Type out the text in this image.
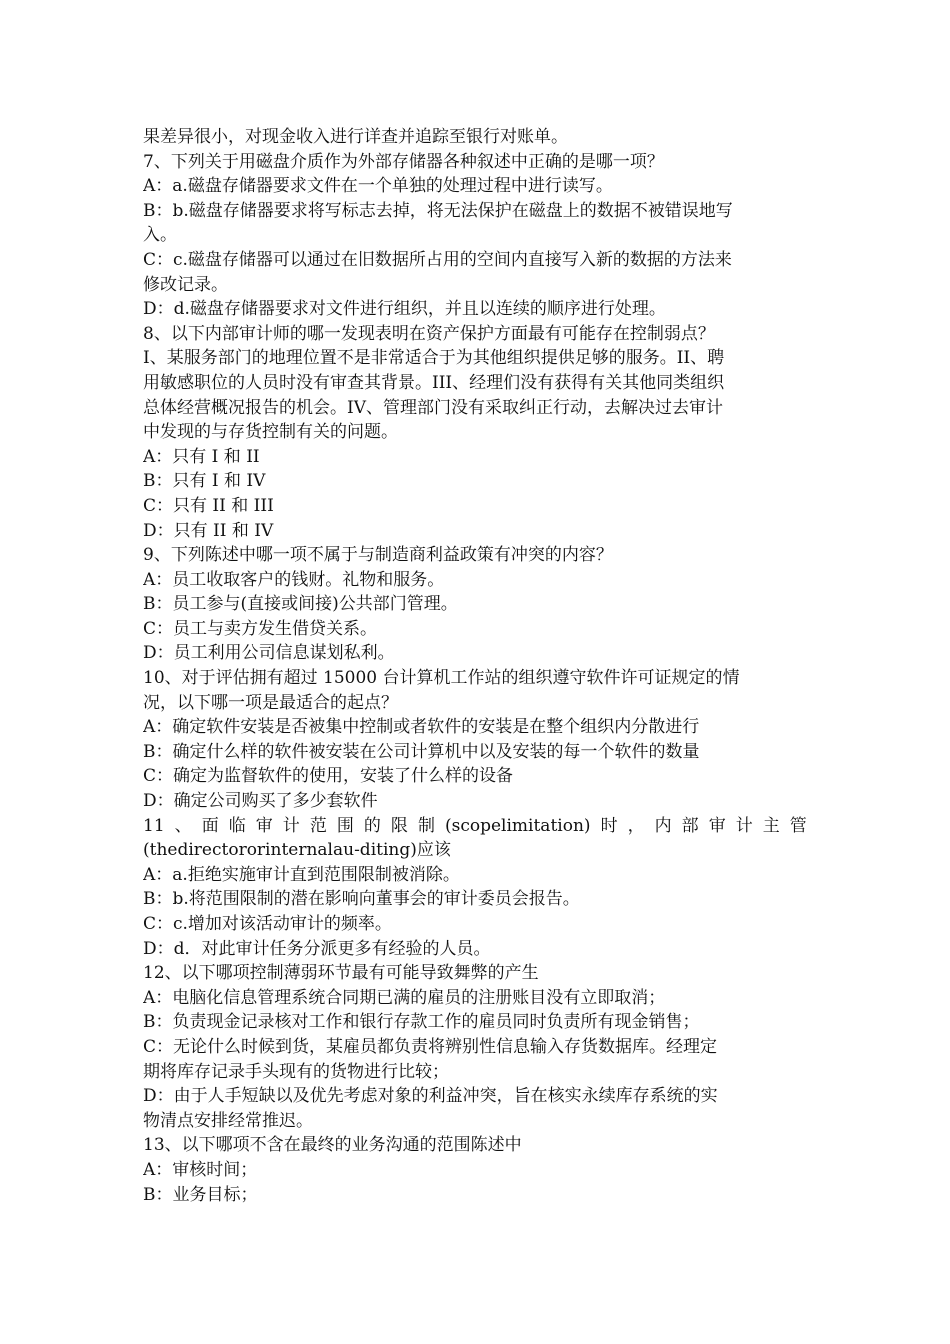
果差异很小，对现金收入进行详查并追踪至银行对账单。

7、下列关于用磁盘介质作为外部存储器各种叙述中正确的是哪一项？

A：a.磁盘存储器要求文件在一个单独的处理过程中进行读写。

B：b.磁盘存储器要求将写标志去掉，将无法保护在磁盘上的数据不被错误地写

入。

C：c.磁盘存储器可以通过在旧数据所占用的空间内直接写入新的数据的方法来

修改记录。

D：d.磁盘存储器要求对文件进行组织，并且以连续的顺序进行处理。

8、以下内部审计师的哪一发现表明在资产保护方面最有可能存在控制弱点？

I、某服务部门的地理位置不是非常适合于为其他组织提供足够的服务。II、聘

用敏感职位的人员时没有审查其背景。III、经理们没有获得有关其他同类组织

总体经营概况报告的机会。IV、管理部门没有采取纠正行动，去解决过去审计

中发现的与存货控制有关的问题。

A：只有 I 和 II

B：只有 I 和 IV

C：只有 II 和 III

D：只有 II 和 IV

9、下列陈述中哪一项不属于与制造商利益政策有冲突的内容？

A：员工收取客户的钱财。礼物和服务。

B：员工参与(直接或间接)公共部门管理。

C：员工与卖方发生借贷关系。

D：员工利用公司信息谋划私利。

10、对于评估拥有超过 15000 台计算机工作站的组织遵守软件许可证规定的情

况，以下哪一项是最适合的起点？

A：确定软件安装是否被集中控制或者软件的安装是在整个组织内分散进行

B：确定什么样的软件被安装在公司计算机中以及安装的每一个软件的数量

C：确定为监督软件的使用，安装了什么样的设备

D：确定公司购买了多少套软件

11 、 面 临 审 计 范 围 的 限 制 (scopelimitation) 时 ， 内 部 审 计 主 管

(thedirectororinternalau-diting)应该

A：a.拒绝实施审计直到范围限制被消除。

B：b.将范围限制的潜在影响向董事会的审计委员会报告。

C：c.增加对该活动审计的频率。

D：d．对此审计任务分派更多有经验的人员。

12、以下哪项控制薄弱环节最有可能导致舞弊的产生

A：电脑化信息管理系统合同期已满的雇员的注册账目没有立即取消；

B：负责现金记录核对工作和银行存款工作的雇员同时负责所有现金销售；

C：无论什么时候到货，某雇员都负责将辨别性信息输入存货数据库。经理定

期将库存记录手头现有的货物进行比较；

D：由于人手短缺以及优先考虑对象的利益冲突，旨在核实永续库存系统的实

物清点安排经常推迟。

13、以下哪项不含在最终的业务沟通的范围陈述中

A：审核时间；

B：业务目标；
